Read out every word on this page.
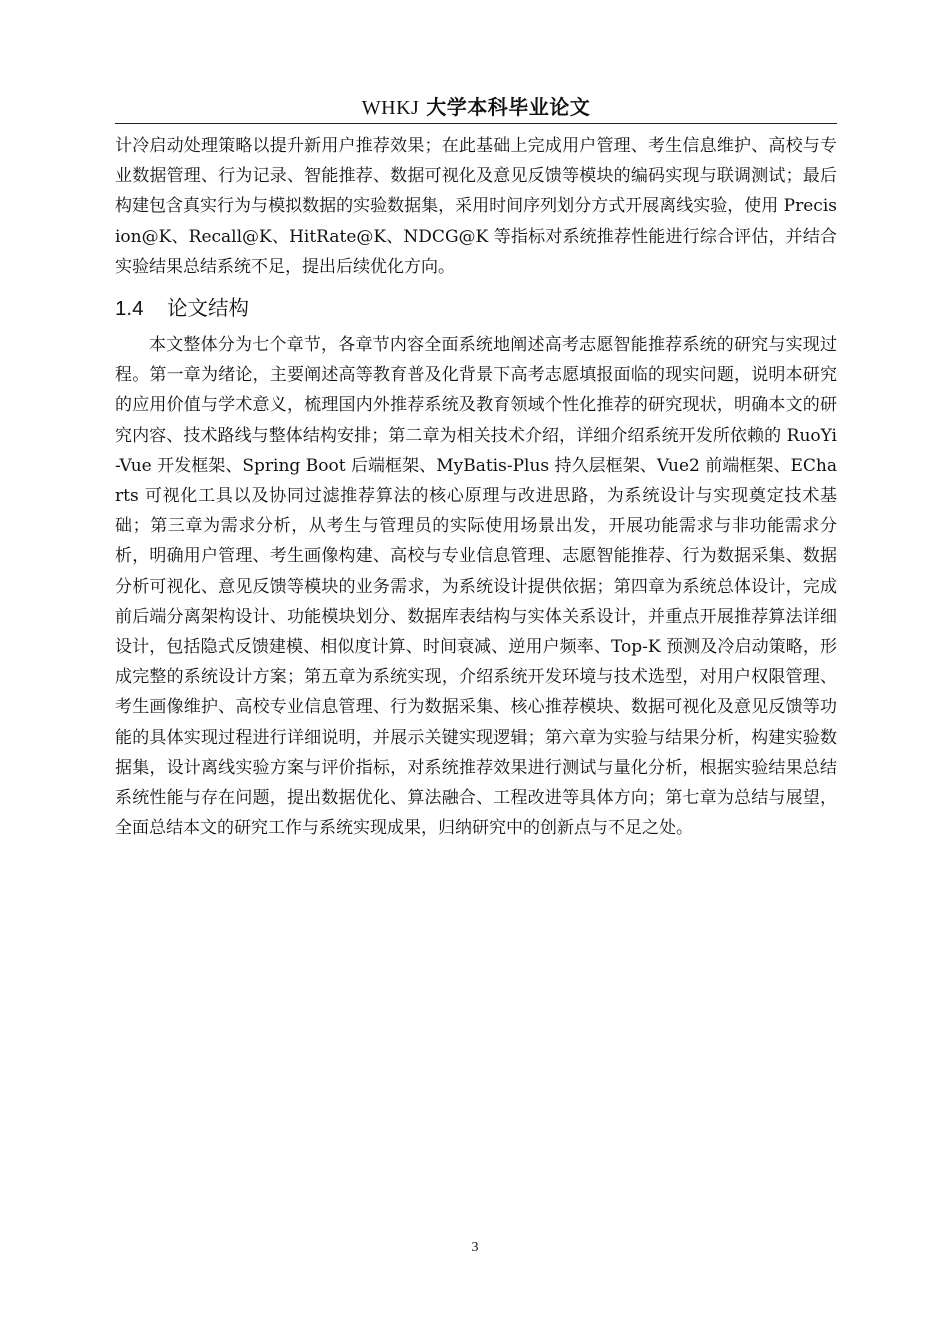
WHKJ 大学本科毕业论文

计冷启动处理策略以提升新用户推荐效果；在此基础上完成用户管理、考生信息维护、高校与专业数据管理、行为记录、智能推荐、数据可视化及意见反馈等模块的编码实现与联调测试；最后构建包含真实行为与模拟数据的实验数据集，采用时间序列划分方式开展离线实验，使用 Precision@K、Recall@K、HitRate@K、NDCG@K 等指标对系统推荐性能进行综合评估，并结合实验结果总结系统不足，提出后续优化方向。

1.4 论文结构

本文整体分为七个章节，各章节内容全面系统地阐述高考志愿智能推荐系统的研究与实现过程。第一章为绪论，主要阐述高等教育普及化背景下高考志愿填报面临的现实问题，说明本研究的应用价值与学术意义，梳理国内外推荐系统及教育领域个性化推荐的研究现状，明确本文的研究内容、技术路线与整体结构安排；第二章为相关技术介绍，详细介绍系统开发所依赖的 RuoYi-Vue 开发框架、Spring Boot 后端框架、MyBatis-Plus 持久层框架、Vue2 前端框架、ECharts 可视化工具以及协同过滤推荐算法的核心原理与改进思路，为系统设计与实现奠定技术基础；第三章为需求分析，从考生与管理员的实际使用场景出发，开展功能需求与非功能需求分析，明确用户管理、考生画像构建、高校与专业信息管理、志愿智能推荐、行为数据采集、数据分析可视化、意见反馈等模块的业务需求，为系统设计提供依据；第四章为系统总体设计，完成前后端分离架构设计、功能模块划分、数据库表结构与实体关系设计，并重点开展推荐算法详细设计，包括隐式反馈建模、相似度计算、时间衰减、逆用户频率、Top-K 预测及冷启动策略，形成完整的系统设计方案；第五章为系统实现，介绍系统开发环境与技术选型，对用户权限管理、考生画像维护、高校专业信息管理、行为数据采集、核心推荐模块、数据可视化及意见反馈等功能的具体实现过程进行详细说明，并展示关键实现逻辑；第六章为实验与结果分析，构建实验数据集，设计离线实验方案与评价指标，对系统推荐效果进行测试与量化分析，根据实验结果总结系统性能与存在问题，提出数据优化、算法融合、工程改进等具体方向；第七章为总结与展望，全面总结本文的研究工作与系统实现成果，归纳研究中的创新点与不足之处。

3
